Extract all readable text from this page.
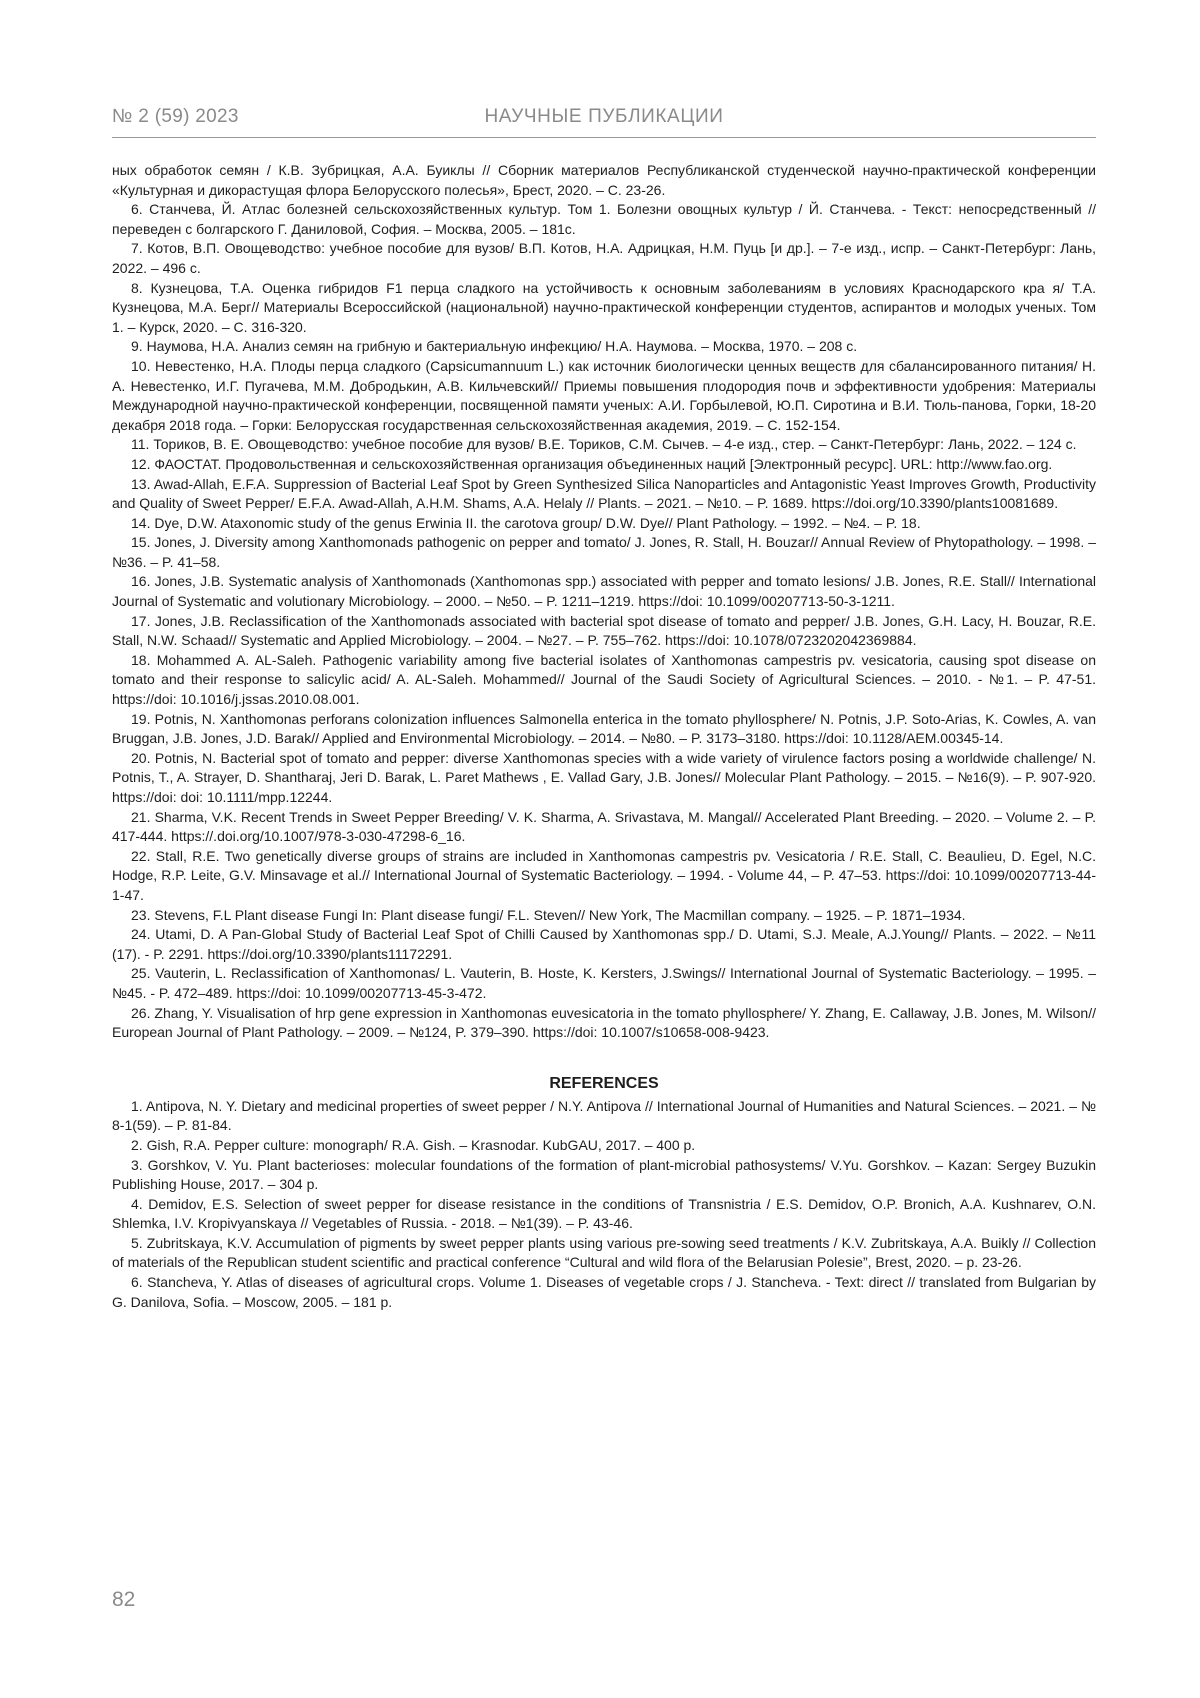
№ 2 (59) 2023	НАУЧНЫЕ ПУБЛИКАЦИИ

ных обработок семян / К.В. Зубрицкая, А.А. Буиклы // Сборник материалов Республиканской студенческой научно-практической конференции «Культурная и дикорастущая флора Белорусского полесья», Брест, 2020. – С. 23-26.

6. Станчева, Й. Атлас болезней сельскохозяйственных культур. Том 1. Болезни овощных культур / Й. Станчева. - Текст: непосредственный // переведен с болгарского Г. Даниловой, София. – Москва, 2005. – 181с.

7. Котов, В.П. Овощеводство: учебное пособие для вузов/ В.П. Котов, Н.А. Адрицкая, Н.М. Пуць [и др.]. – 7-е изд., испр. – Санкт-Петербург: Лань, 2022. – 496 с.

8. Кузнецова, Т.А. Оценка гибридов F1 перца сладкого на устойчивость к основным заболеваниям в условиях Краснодарского кра я/ Т.А. Кузнецова, М.А. Берг// Материалы Всероссийской (национальной) научно-практической конференции студентов, аспирантов и молодых ученых. Том 1. – Курск, 2020. – С. 316-320.

9. Наумова, Н.А. Анализ семян на грибную и бактериальную инфекцию/ Н.А. Наумова. – Москва, 1970. – 208 с.

10. Невестенко, Н.А. Плоды перца сладкого (Capsicumannuum L.) как источник биологически ценных веществ для сбалансированного питания/ Н. А. Невестенко, И.Г. Пугачева, М.М. Добродькин, А.В. Кильчевский// Приемы повышения плодородия почв и эффективности удобрения: Материалы Международной научно-практической конференции, посвященной памяти ученых: А.И. Горбылевой, Ю.П. Сиротина и В.И. Тюль-панова, Горки, 18-20 декабря 2018 года. – Горки: Белорусская государственная сельскохозяйственная академия, 2019. – С. 152-154.

11. Ториков, В. Е. Овощеводство: учебное пособие для вузов/ В.Е. Ториков, С.М. Сычев. – 4-е изд., стер. – Санкт-Петербург: Лань, 2022. – 124 с.

12. ФАОСТАТ. Продовольственная и сельскохозяйственная организация объединенных наций [Электронный ресурс]. URL: http://www.fao.org.

13. Awad-Allah, E.F.A. Suppression of Bacterial Leaf Spot by Green Synthesized Silica Nanoparticles and Antagonistic Yeast Improves Growth, Productivity and Quality of Sweet Pepper/ E.F.A. Awad-Allah, A.H.M. Shams, A.A. Helaly // Plants. – 2021. – №10. – P. 1689. https://doi.org/10.3390/plants10081689.

14. Dye, D.W. Ataxonomic study of the genus Erwinia II. the carotova group/ D.W. Dye// Plant Pathology. – 1992. – №4. – P. 18.

15. Jones, J. Diversity among Xanthomonads pathogenic on pepper and tomato/ J. Jones, R. Stall, H. Bouzar// Annual Review of Phytopathology. – 1998. – №36. – P. 41–58.

16. Jones, J.B. Systematic analysis of Xanthomonads (Xanthomonas spp.) associated with pepper and tomato lesions/ J.B. Jones, R.E. Stall// International Journal of Systematic and volutionary Microbiology. – 2000. – №50. – P. 1211–1219. https://doi: 10.1099/00207713-50-3-1211.

17. Jones, J.B. Reclassification of the Xanthomonads associated with bacterial spot disease of tomato and pepper/ J.B. Jones, G.H. Lacy, H. Bouzar, R.E. Stall, N.W. Schaad// Systematic and Applied Microbiology. – 2004. – №27. – P. 755–762. https://doi: 10.1078/0723202042369884.

18. Mohammed A. AL-Saleh. Pathogenic variability among five bacterial isolates of Xanthomonas campestris pv. vesicatoria, causing spot disease on tomato and their response to salicylic acid/ A. AL-Saleh. Mohammed// Journal of the Saudi Society of Agricultural Sciences. – 2010. - №1. – P. 47-51. https://doi: 10.1016/j.jssas.2010.08.001.

19. Potnis, N. Xanthomonas perforans colonization influences Salmonella enterica in the tomato phyllosphere/ N. Potnis, J.P. Soto-Arias, K. Cowles, A. van Bruggan, J.B. Jones, J.D. Barak// Applied and Environmental Microbiology. – 2014. – №80. – P. 3173–3180. https://doi: 10.1128/AEM.00345-14.

20. Potnis, N. Bacterial spot of tomato and pepper: diverse Xanthomonas species with a wide variety of virulence factors posing a worldwide challenge/ N. Potnis, T., A. Strayer, D. Shantharaj, Jeri D. Barak, L. Paret Mathews , E. Vallad Gary, J.B. Jones// Molecular Plant Pathology. – 2015. – №16(9). – P. 907-920. https://doi: doi: 10.1111/mpp.12244.

21. Sharma, V.K. Recent Trends in Sweet Pepper Breeding/ V. K. Sharma, A. Srivastava, M. Mangal// Accelerated Plant Breeding. – 2020. – Volume 2. – P. 417-444. https://.doi.org/10.1007/978-3-030-47298-6_16.

22. Stall, R.E. Two genetically diverse groups of strains are included in Xanthomonas campestris pv. Vesicatoria / R.E. Stall, C. Beaulieu, D. Egel, N.C. Hodge, R.P. Leite, G.V. Minsavage et al.// International Journal of Systematic Bacteriology. – 1994. - Volume 44, – P. 47–53. https://doi: 10.1099/00207713-44-1-47.

23. Stevens, F.L Plant disease Fungi In: Plant disease fungi/ F.L. Steven// New York, The Macmillan company. – 1925. – P. 1871–1934.

24. Utami, D. A Pan-Global Study of Bacterial Leaf Spot of Chilli Caused by Xanthomonas spp./ D. Utami, S.J. Meale, A.J.Young// Plants. – 2022. – №11 (17). - P. 2291. https://doi.org/10.3390/plants11172291.

25. Vauterin, L. Reclassification of Xanthomonas/ L. Vauterin, B. Hoste, K. Kersters, J.Swings// International Journal of Systematic Bacteriology. – 1995. – №45. - P. 472–489. https://doi: 10.1099/00207713-45-3-472.

26. Zhang, Y. Visualisation of hrp gene expression in Xanthomonas euvesicatoria in the tomato phyllosphere/ Y. Zhang, E. Callaway, J.B. Jones, M. Wilson// European Journal of Plant Pathology. – 2009. – №124, P. 379–390. https://doi: 10.1007/s10658-008-9423.

REFERENCES

1. Antipova, N. Y. Dietary and medicinal properties of sweet pepper / N.Y. Antipova // International Journal of Humanities and Natural Sciences. – 2021. – № 8-1(59). – P. 81-84.

2. Gish, R.A. Pepper culture: monograph/ R.A. Gish. – Krasnodar. KubGAU, 2017. – 400 p.

3. Gorshkov, V. Yu. Plant bacterioses: molecular foundations of the formation of plant-microbial pathosystems/ V.Yu. Gorshkov. – Kazan: Sergey Buzukin Publishing House, 2017. – 304 p.

4. Demidov, E.S. Selection of sweet pepper for disease resistance in the conditions of Transnistria / E.S. Demidov, O.P. Bronich, A.A. Kushnarev, O.N. Shlemka, I.V. Kropivyanskaya // Vegetables of Russia. - 2018. – №1(39). – P. 43-46.

5. Zubritskaya, K.V. Accumulation of pigments by sweet pepper plants using various pre-sowing seed treatments / K.V. Zubritskaya, A.A. Buikly // Collection of materials of the Republican student scientific and practical conference “Cultural and wild flora of the Belarusian Polesie”, Brest, 2020. – p. 23-26.

6. Stancheva, Y. Atlas of diseases of agricultural crops. Volume 1. Diseases of vegetable crops / J. Stancheva. - Text: direct // translated from Bulgarian by G. Danilova, Sofia. – Moscow, 2005. – 181 p.

82
